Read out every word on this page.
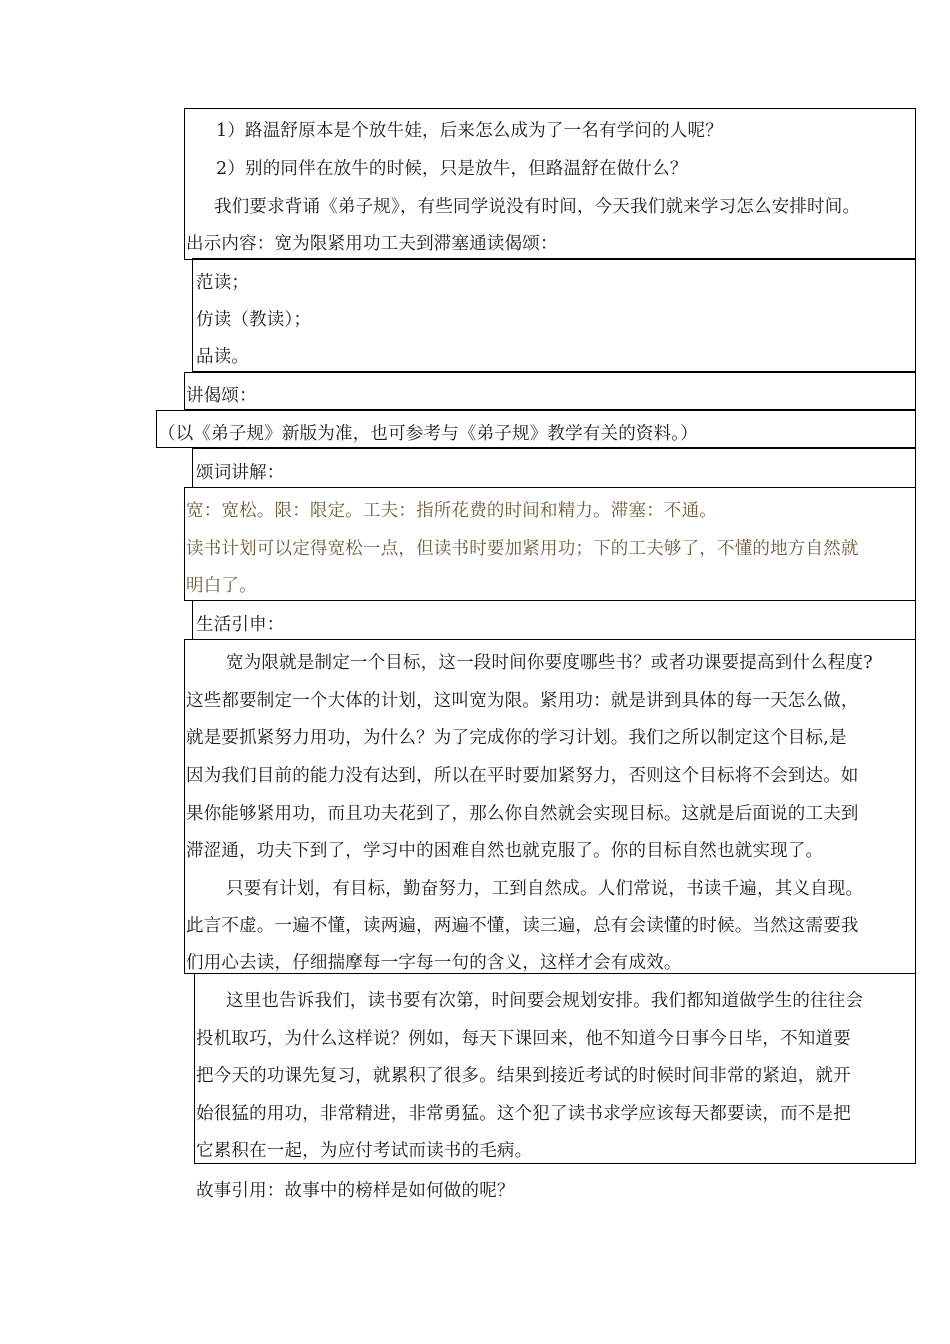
1）路温舒原本是个放牛娃，后来怎么成为了一名有学问的人呢？
2）别的同伴在放牛的时候，只是放牛，但路温舒在做什么？
我们要求背诵《弟子规》，有些同学说没有时间，今天我们就来学习怎么安排时间。
出示内容：宽为限紧用功工夫到滞塞通读偈颂：
范读；
仿读（教读）；
品读。
讲偈颂：
（以《弟子规》新版为准，也可参考与《弟子规》教学有关的资料。）
颂词讲解：
宽：宽松。限：限定。工夫：指所花费的时间和精力。滞塞：不通。
读书计划可以定得宽松一点，但读书时要加紧用功；下的工夫够了，不懂的地方自然就
明白了。
生活引申：
宽为限就是制定一个目标，这一段时间你要度哪些书？或者功课要提高到什么程度?
这些都要制定一个大体的计划，这叫宽为限。紧用功：就是讲到具体的每一天怎么做，
就是要抓紧努力用功，为什么？为了完成你的学习计划。我们之所以制定这个目标,是
因为我们目前的能力没有达到，所以在平时要加紧努力，否则这个目标将不会到达。如
果你能够紧用功，而且功夫花到了，那么你自然就会实现目标。这就是后面说的工夫到
滞涩通，功夫下到了，学习中的困难自然也就克服了。你的目标自然也就实现了。
只要有计划，有目标，勤奋努力，工到自然成。人们常说，书读千遍，其义自现。
此言不虚。一遍不懂，读两遍，两遍不懂，读三遍，总有会读懂的时候。当然这需要我
们用心去读，仔细揣摩每一字每一句的含义，这样才会有成效。
这里也告诉我们，读书要有次第，时间要会规划安排。我们都知道做学生的往往会
投机取巧，为什么这样说？例如，每天下课回来，他不知道今日事今日毕，不知道要
把今天的功课先复习，就累积了很多。结果到接近考试的时候时间非常的紧迫，就开
始很猛的用功，非常精进，非常勇猛。这个犯了读书求学应该每天都要读，而不是把
它累积在一起，为应付考试而读书的毛病。
故事引用：故事中的榜样是如何做的呢？
